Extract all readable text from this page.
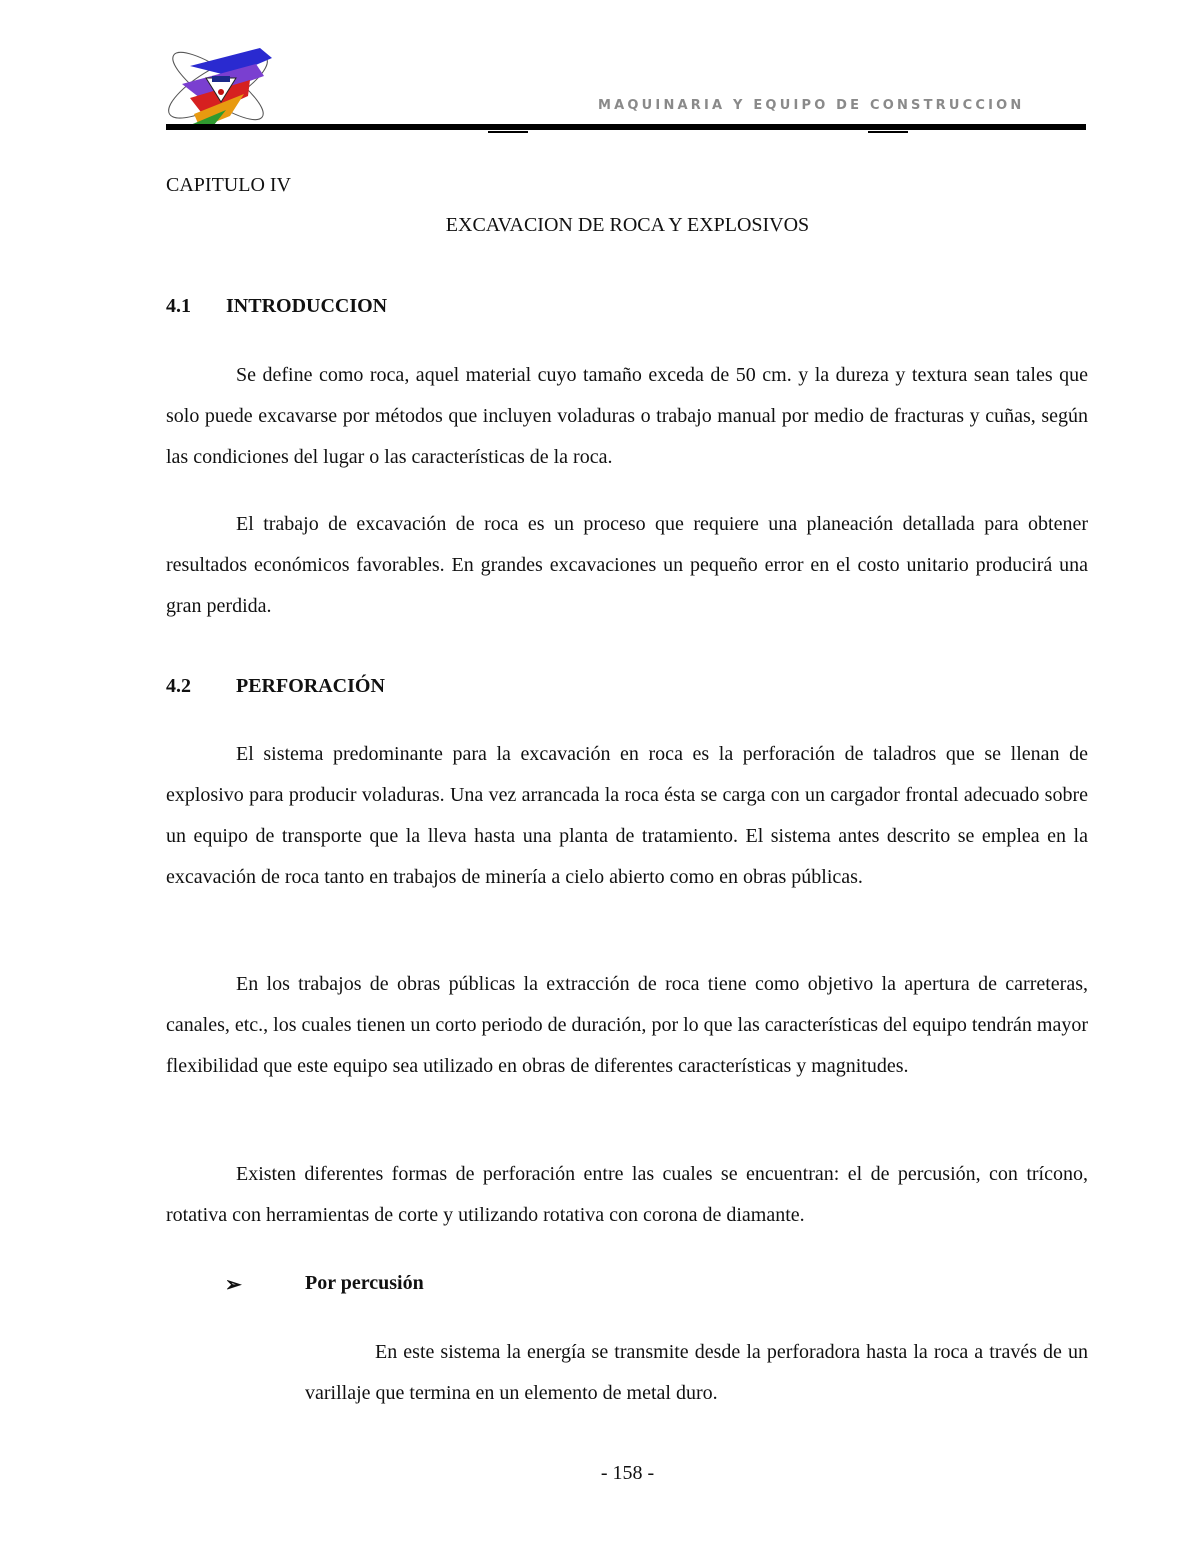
MAQUINARIA Y EQUIPO DE CONSTRUCCION
CAPITULO IV
EXCAVACION DE ROCA Y EXPLOSIVOS
4.1 INTRODUCCION

Se define como roca, aquel material cuyo tamaño exceda de 50 cm. y la dureza y textura sean tales que solo puede excavarse por métodos que incluyen voladuras o trabajo manual por medio de fracturas y cuñas, según las condiciones del lugar o las características de la roca.

El trabajo de excavación de roca es un proceso que requiere una planeación detallada para obtener resultados económicos favorables. En grandes excavaciones un pequeño error en el costo unitario producirá una gran perdida.

4.2 PERFORACIÓN

El sistema predominante para la excavación en roca es la perforación de taladros que se llenan de explosivo para producir voladuras. Una vez arrancada la roca ésta se carga con un cargador frontal adecuado sobre un equipo de transporte que la lleva hasta una planta de tratamiento. El sistema antes descrito se emplea en la excavación de roca tanto en trabajos de minería a cielo abierto como en obras públicas.

En los trabajos de obras públicas la extracción de roca tiene como objetivo la apertura de carreteras, canales, etc., los cuales tienen un corto periodo de duración, por lo que las características del equipo tendrán mayor flexibilidad que este equipo sea utilizado en obras de diferentes características y magnitudes.

Existen diferentes formas de perforación entre las cuales se encuentran: el de percusión, con trícono, rotativa con herramientas de corte y utilizando rotativa con corona de diamante.

➢	Por percusión

En este sistema la energía se transmite desde la perforadora hasta la roca a través de un varillaje que termina en un elemento de metal duro.

- 158 -
